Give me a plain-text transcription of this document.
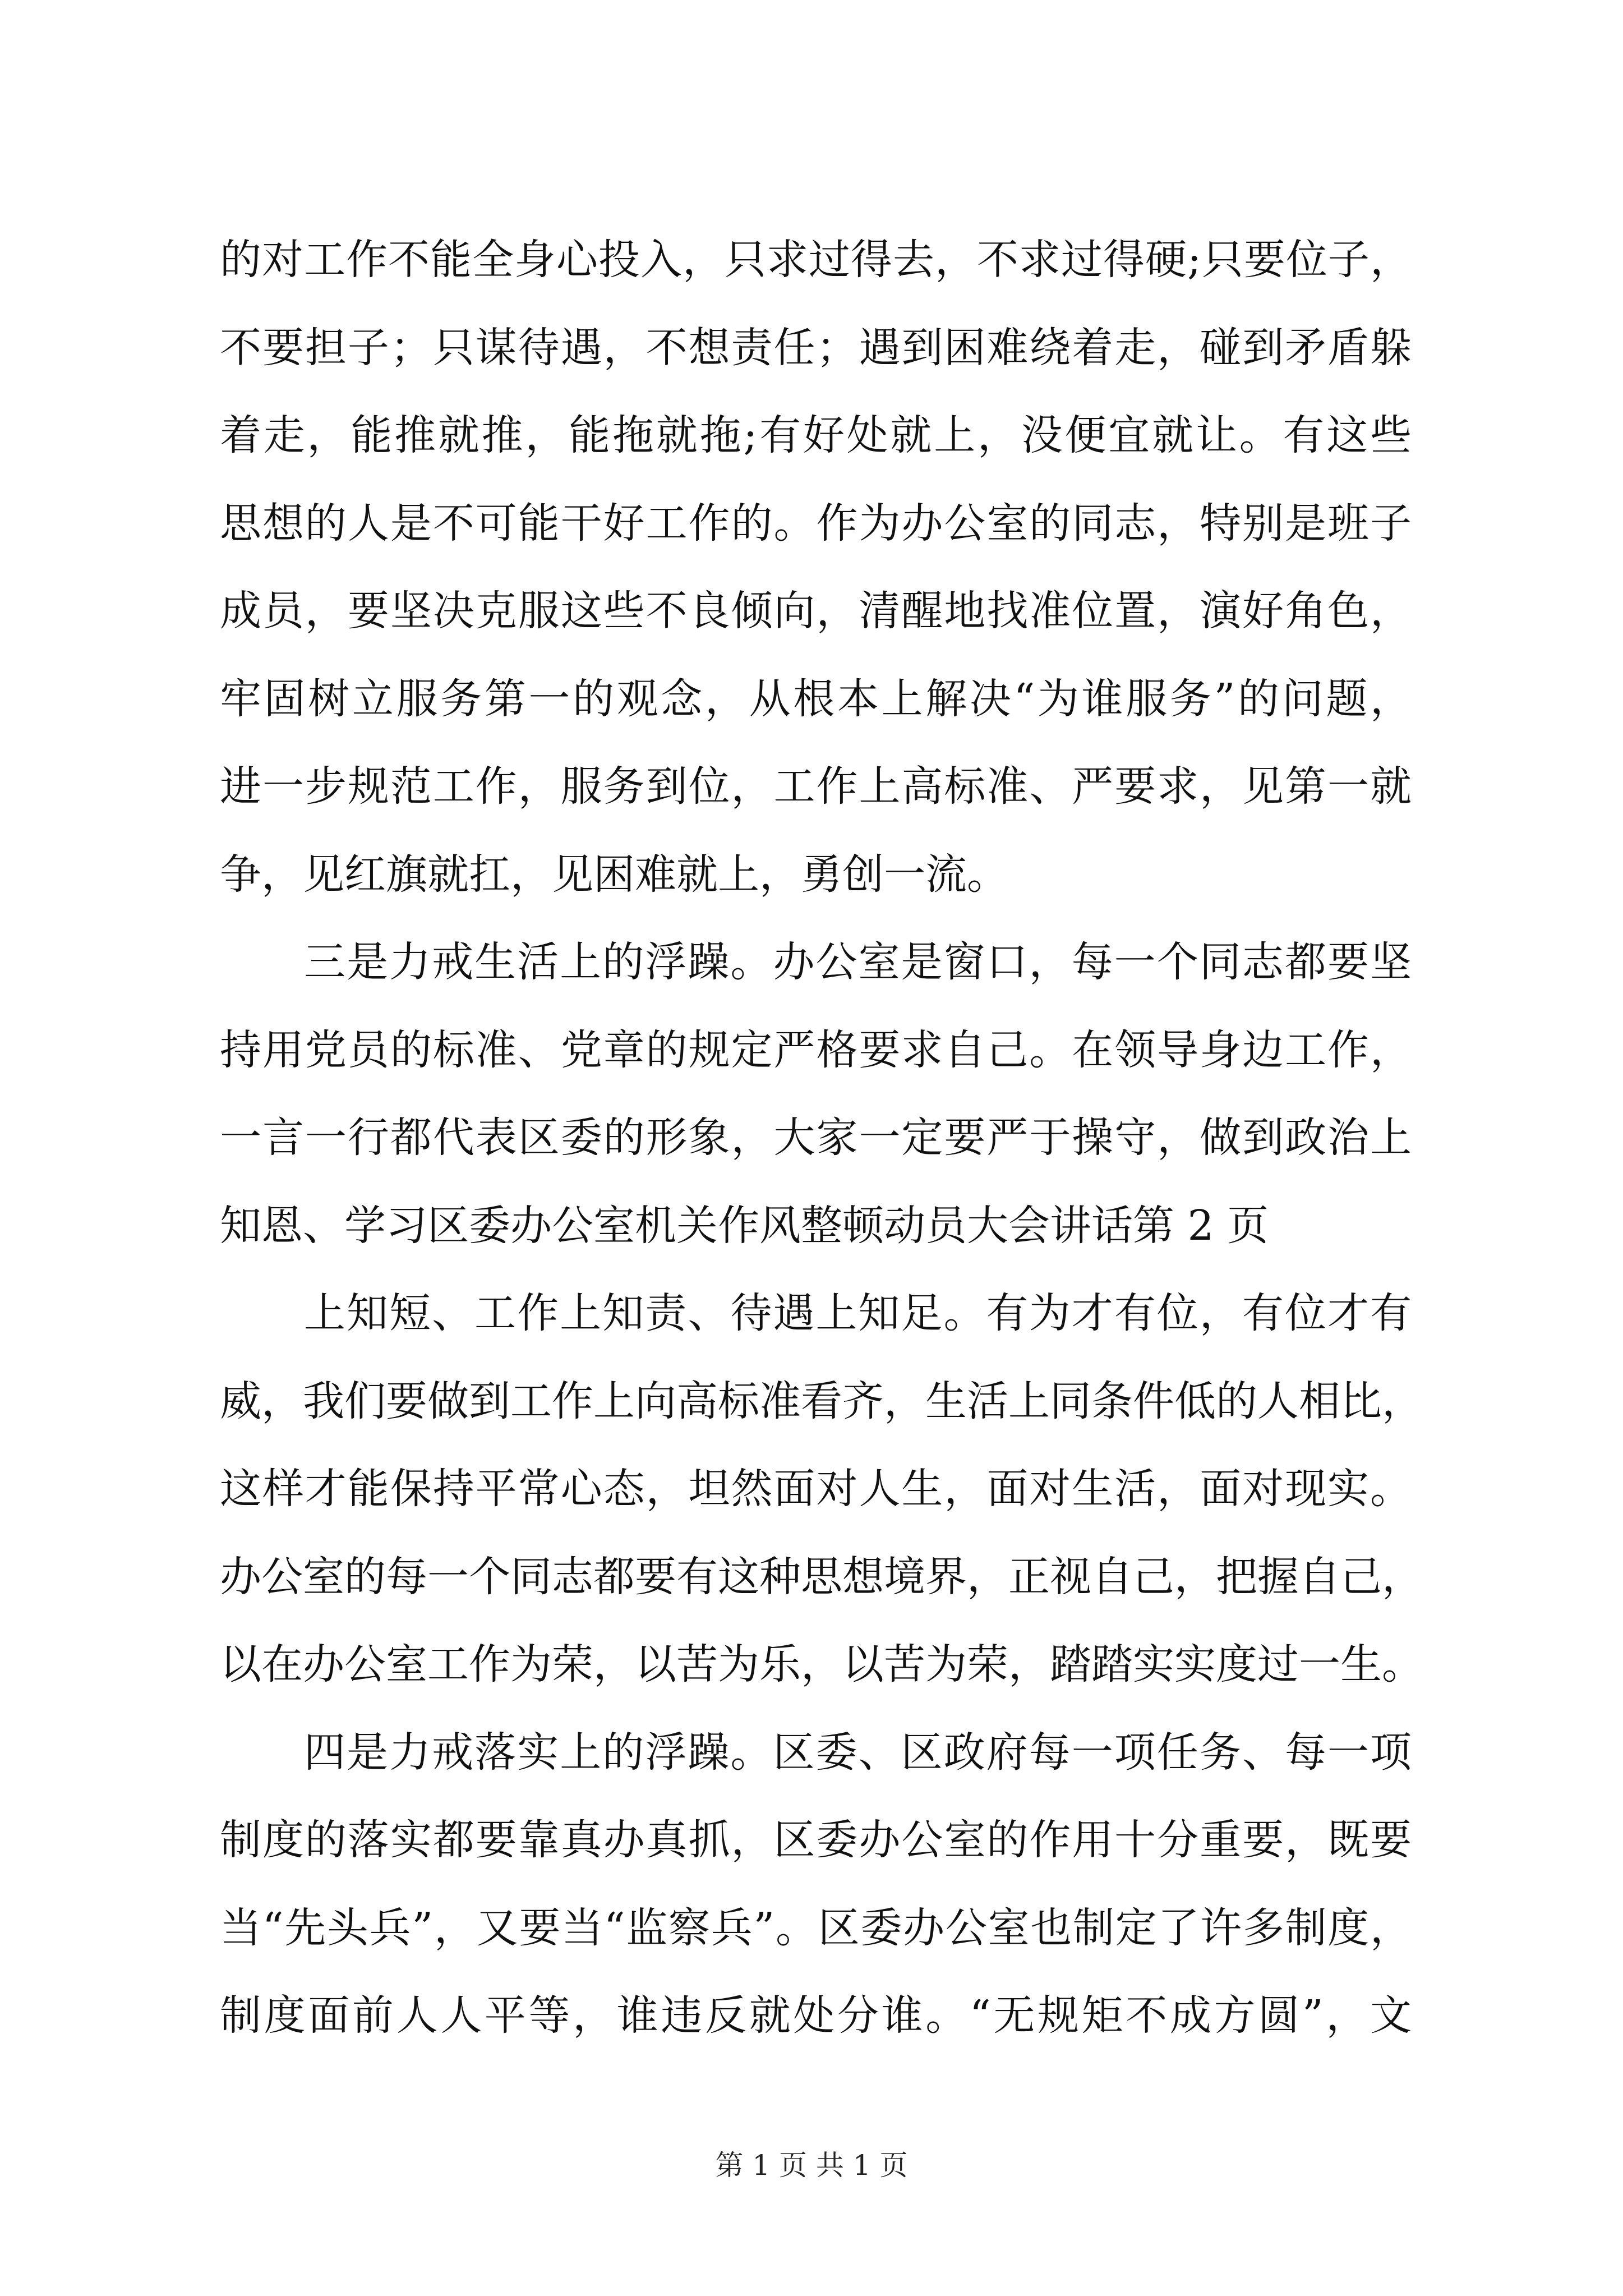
的对工作不能全身心投入，只求过得去，不求过得硬;只要位子，
不要担子；只谋待遇，不想责任；遇到困难绕着走，碰到矛盾躲
着走，能推就推，能拖就拖;有好处就上，没便宜就让。有这些
思想的人是不可能干好工作的。作为办公室的同志，特别是班子
成员，要坚决克服这些不良倾向，清醒地找准位置，演好角色，
牢固树立服务第一的观念，从根本上解决“为谁服务”的问题，
进一步规范工作，服务到位，工作上高标准、严要求，见第一就
争，见红旗就扛，见困难就上，勇创一流。
三是力戒生活上的浮躁。办公室是窗口，每一个同志都要坚
持用党员的标准、党章的规定严格要求自己。在领导身边工作，
一言一行都代表区委的形象，大家一定要严于操守，做到政治上
知恩、学习区委办公室机关作风整顿动员大会讲话第 2 页
上知短、工作上知责、待遇上知足。有为才有位，有位才有
威，我们要做到工作上向高标准看齐，生活上同条件低的人相比，
这样才能保持平常心态，坦然面对人生，面对生活，面对现实。
办公室的每一个同志都要有这种思想境界，正视自己，把握自己，
以在办公室工作为荣，以苦为乐，以苦为荣，踏踏实实度过一生。
四是力戒落实上的浮躁。区委、区政府每一项任务、每一项
制度的落实都要靠真办真抓，区委办公室的作用十分重要，既要
当“先头兵”，又要当“监察兵”。区委办公室也制定了许多制度，
制度面前人人平等，谁违反就处分谁。“无规矩不成方圆”，文
第 1 页 共 1 页
